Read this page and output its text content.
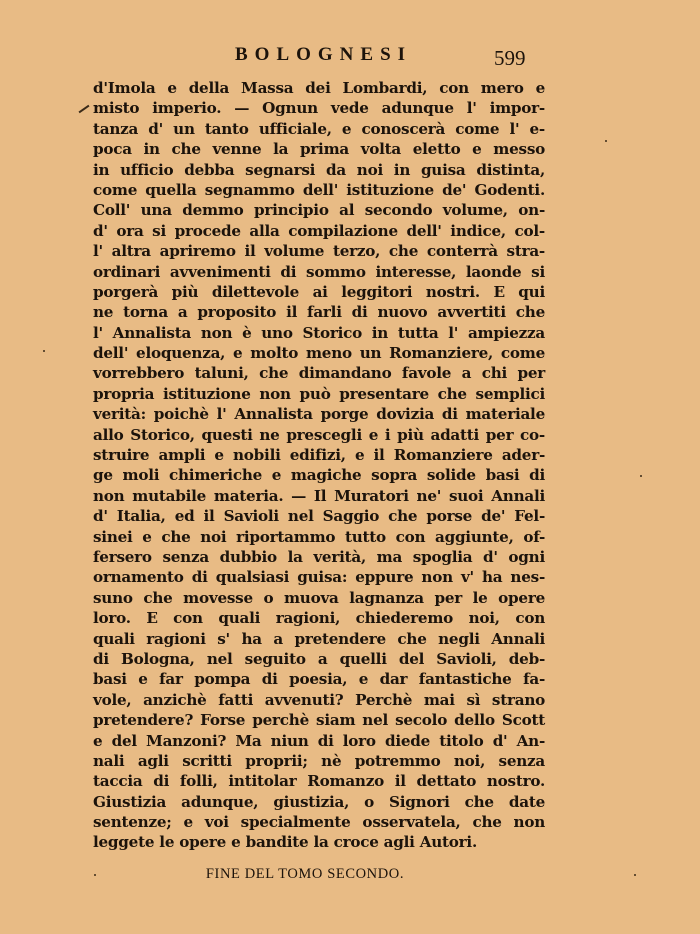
BOLOGNESI	599
d'Imola e della Massa dei Lombardi, con mero e
misto imperio. — Ognun vede adunque l' impor-
tanza d' un tanto ufficiale, e conoscerà come l' e-
poca in che venne la prima volta eletto e messo
in ufficio debba segnarsi da noi in guisa distinta,
come quella segnammo dell' istituzione de' Godenti.
Coll' una demmo principio al secondo volume, on-
d' ora si procede alla compilazione dell' indice, col-
l' altra apriremo il volume terzo, che conterrà stra-
ordinari avvenimenti di sommo interesse, laonde si
porgerà più dilettevole ai leggitori nostri. E qui
ne torna a proposito il farli di nuovo avvertiti che
l' Annalista non è uno Storico in tutta l' ampiezza
dell' eloquenza, e molto meno un Romanziere, come
vorrebbero taluni, che dimandano favole a chi per
propria istituzione non può presentare che semplici
verità: poichè l' Annalista porge dovizia di materiale
allo Storico, questi ne prescegli e i più adatti per co-
struire ampli e nobili edifizi, e il Romanziere ader-
ge moli chimeriche e magiche sopra solide basi di
non mutabile materia. — Il Muratori ne' suoi Annali
d' Italia, ed il Savioli nel Saggio che porse de' Fel-
sinei e che noi riportammo tutto con aggiunte, of-
fersero senza dubbio la verità, ma spoglia d' ogni
ornamento di qualsiasi guisa: eppure non v' ha nes-
suno che movesse o muova lagnanza per le opere
loro. E con quali ragioni, chiederemo noi, con
quali ragioni s' ha a pretendere che negli Annali
di Bologna, nel seguito a quelli del Savioli, deb-
basi e far pompa di poesia, e dar fantastiche fa-
vole, anzichè fatti avvenuti? Perchè mai sì strano
pretendere? Forse perchè siam nel secolo dello Scott
e del Manzoni? Ma niun di loro diede titolo d' An-
nali agli scritti proprii; nè potremmo noi, senza
taccia di folli, intitolar Romanzo il dettato nostro.
Giustizia adunque, giustizia, o Signori che date
sentenze; e voi specialmente osservatela, che non
leggete le opere e bandite la croce agli Autori.
FINE DEL TOMO SECONDO.
